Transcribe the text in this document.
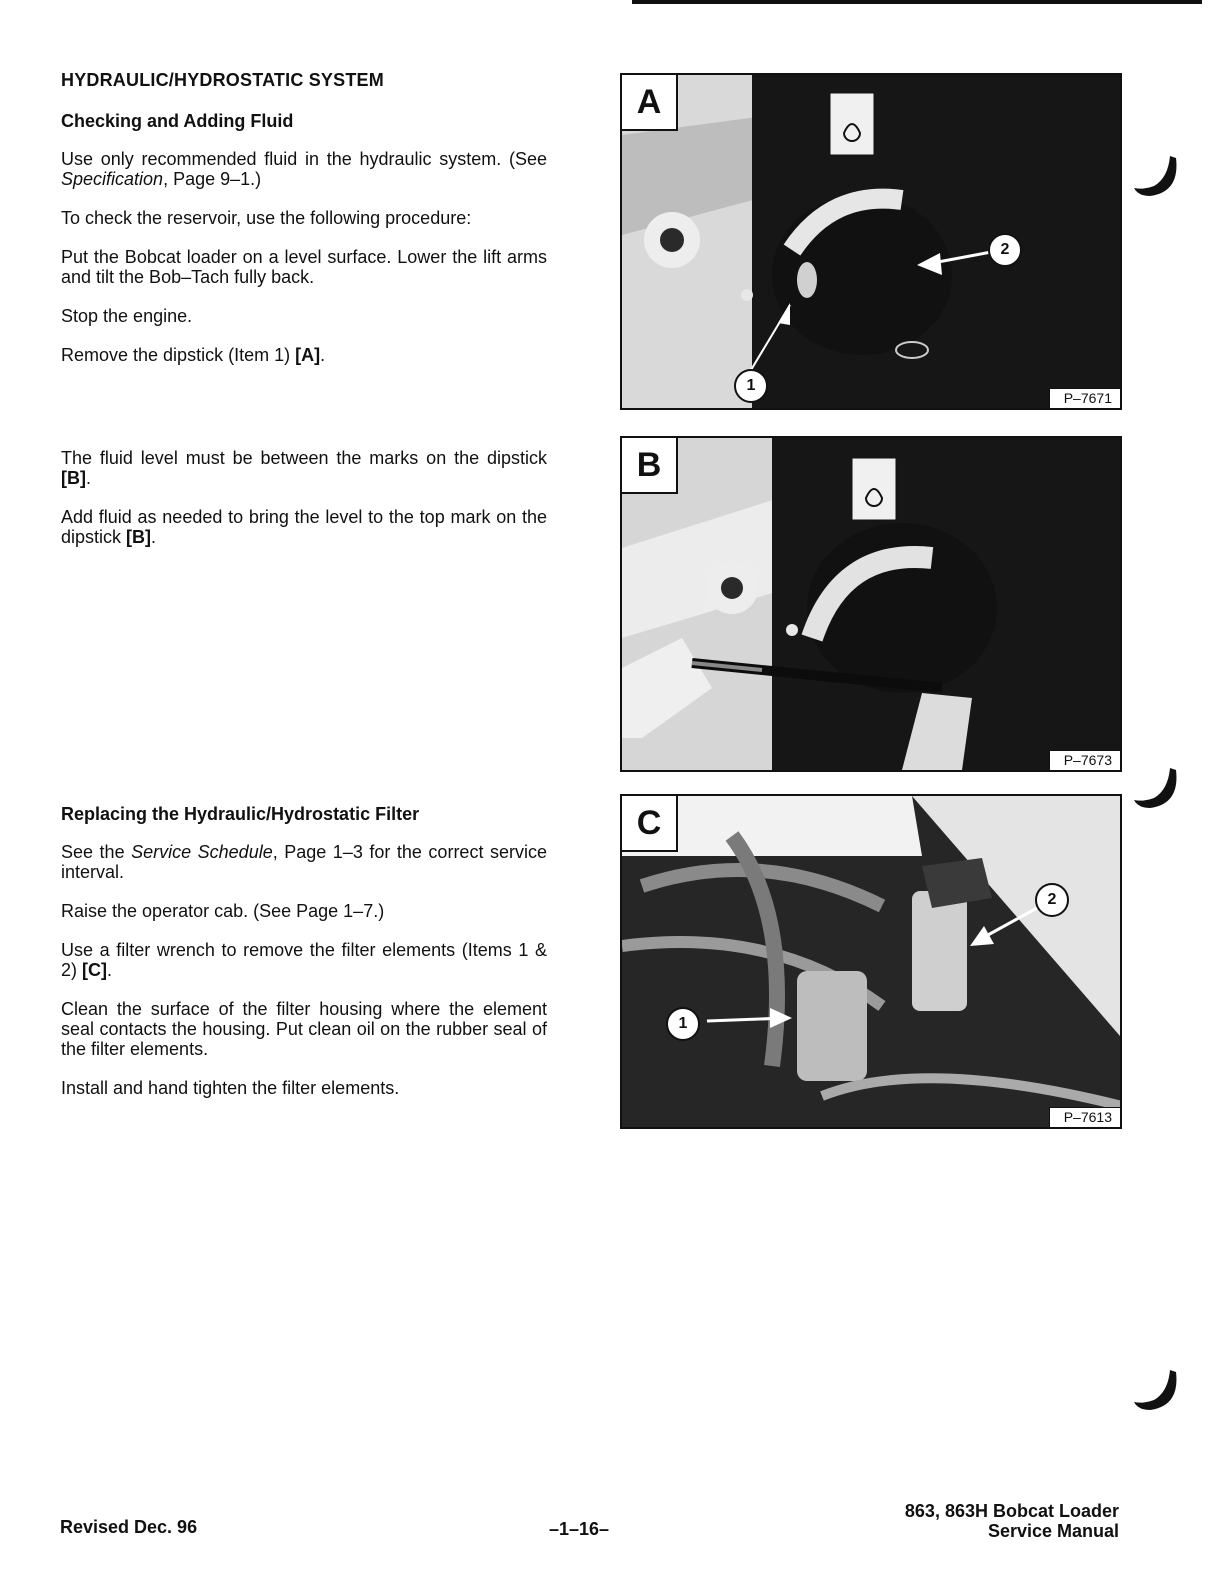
HYDRAULIC/HYDROSTATIC SYSTEM
Checking and Adding Fluid

Use only recommended fluid in the hydraulic system. (See Specification, Page 9–1.)

To check the reservoir, use the following procedure:

Put the Bobcat loader on a level surface. Lower the lift arms and tilt the Bob–Tach fully back.

Stop the engine.

Remove the dipstick (Item 1) [A].

The fluid level must be between the marks on the dipstick [B].

Add fluid as needed to bring the level to the top mark on the dipstick [B].

Replacing the Hydraulic/Hydrostatic Filter

See the Service Schedule, Page 1–3 for the correct service interval.

Raise the operator cab. (See Page 1–7.)

Use a filter wrench to remove the filter elements (Items 1 & 2) [C].

Clean the surface of the filter housing where the element seal contacts the housing. Put clean oil on the rubber seal of the filter elements.

Install and hand tighten the filter elements.

A
2
1
P–7671
B
P–7673
C
2
1
P–7613
Revised Dec. 96	–1–16–
863, 863H Bobcat Loader
Service Manual
